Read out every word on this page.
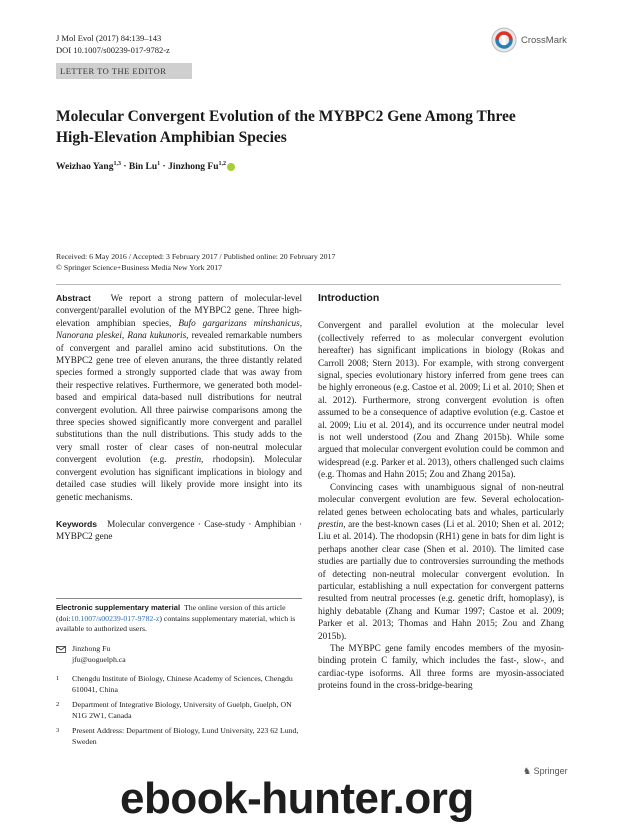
J Mol Evol (2017) 84:139–143
DOI 10.1007/s00239-017-9782-z
CrossMark
LETTER TO THE EDITOR
Molecular Convergent Evolution of the MYBPC2 Gene Among Three High-Elevation Amphibian Species
Weizhao Yang$^{1,3}$ · Bin $Lu^1$ · Jinzhong Fu$^{1,2}$
Received: 6 May 2016 / Accepted: 3 February 2017 / Published online: 20 February 2017
© Springer Science+Business Media New York 2017

Abstract We report a strong pattern of molecular-level convergent/parallel evolution of the MYBPC2 gene. Three high-elevation amphibian species, Bufo gargarizans minshanicus, Nanorana pleskei, Rana kukunoris, revealed remarkable numbers of convergent and parallel amino acid substitutions. On the MYBPC2 gene tree of eleven anurans, the three distantly related species formed a strongly supported clade that was away from their respective relatives. Furthermore, we generated both model-based and empirical data-based null distributions for neutral convergent evolution. All three pairwise comparisons among the three species showed significantly more convergent and parallel substitutions than the null distributions. This study adds to the very small roster of clear cases of non-neutral molecular convergent evolution (e.g. prestin, rhodopsin). Molecular convergent evolution has significant implications in biology and detailed case studies will likely provide more insight into its genetic mechanisms.

Keywords Molecular convergence · Case-study · Amphibian · MYBPC2 gene

Electronic supplementary material The online version of this article (doi:10.1007/s00239-017-9782-z) contains supplementary material, which is available to authorized users.
Jinzhong Fu
jfu@uoguelph.ca
1 Chengdu Institute of Biology, Chinese Academy of Sciences, Chengdu 610041, China
2 Department of Integrative Biology, University of Guelph, Guelph, ON N1G 2W1, Canada
3 Present Address: Department of Biology, Lund University, 223 62 Lund, Sweden
Introduction

Convergent and parallel evolution at the molecular level (collectively referred to as molecular convergent evolution hereafter) has significant implications in biology (Rokas and Carroll 2008; Stern 2013). For example, with strong convergent signal, species evolutionary history inferred from gene trees can be highly erroneous (e.g. Castoe et al. 2009; Li et al. 2010; Shen et al. 2012). Furthermore, strong convergent evolution is often assumed to be a consequence of adaptive evolution (e.g. Castoe et al. 2009; Liu et al. 2014), and its occurrence under neutral model is not well understood (Zou and Zhang 2015b). While some argued that molecular convergent evolution could be common and widespread (e.g. Parker et al. 2013), others challenged such claims (e.g. Thomas and Hahn 2015; Zou and Zhang 2015a).

Convincing cases with unambiguous signal of non-neutral molecular convergent evolution are few. Several echolocation-related genes between echolocating bats and whales, particularly prestin, are the best-known cases (Li et al. 2010; Shen et al. 2012; Liu et al. 2014). The rhodopsin (RH1) gene in bats for dim light is perhaps another clear case (Shen et al. 2010). The limited case studies are partially due to controversies surrounding the methods of detecting non-neutral molecular convergent evolution. In particular, establishing a null expectation for convergent patterns resulted from neutral processes (e.g. genetic drift, homoplasy), is highly debatable (Zhang and Kumar 1997; Castoe et al. 2009; Parker et al. 2013; Thomas and Hahn 2015; Zou and Zhang 2015b).

The MYBPC gene family encodes members of the myosin-binding protein C family, which includes the fast-, slow-, and cardiac-type isoforms. All three forms are myosin-associated proteins found in the cross-bridge-bearing

♞ Springer
ebook-hunter.org
